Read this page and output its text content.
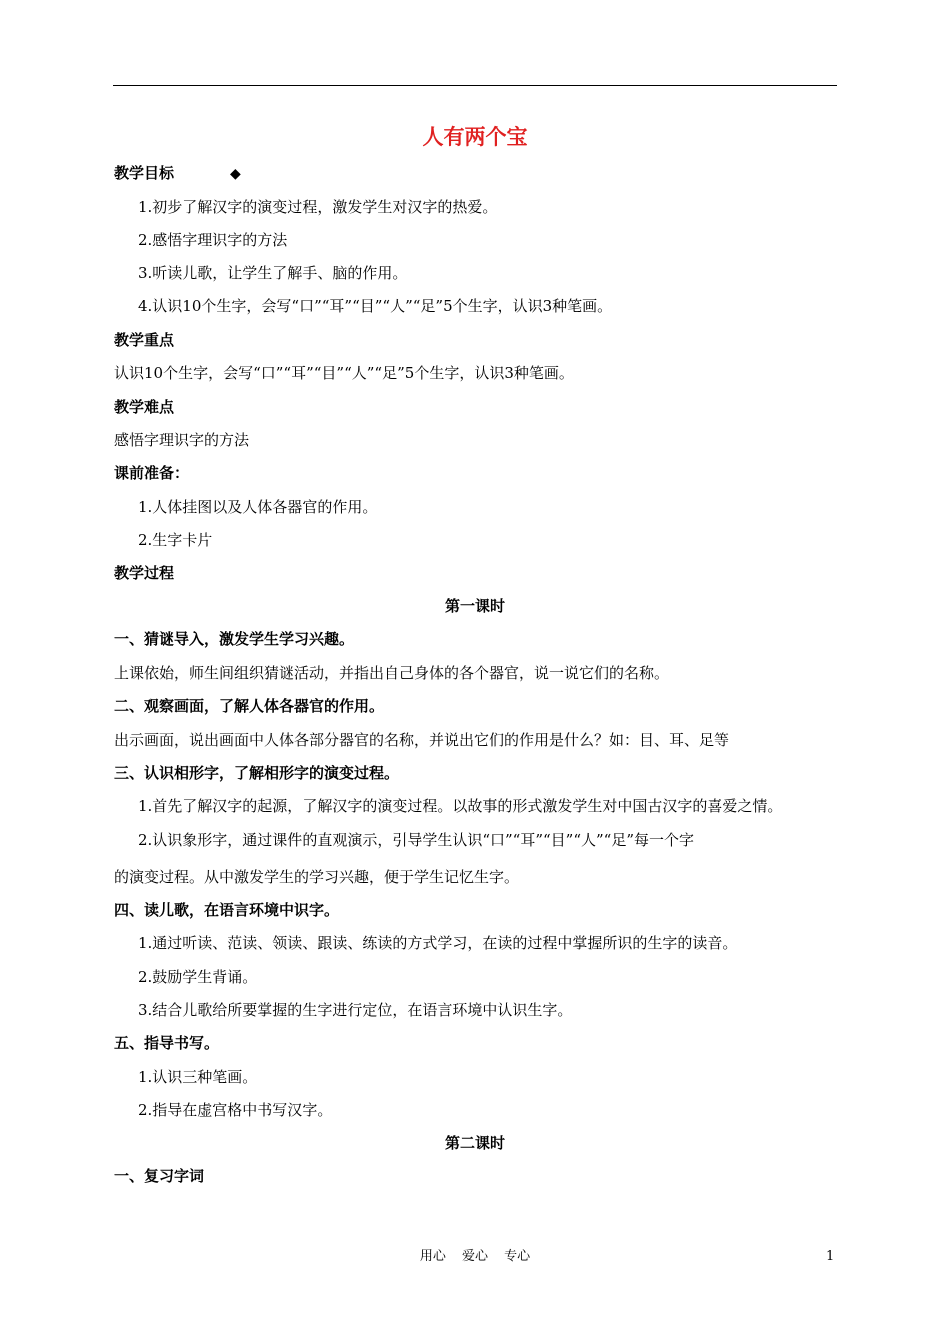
人有两个宝
教学目标	◆
1.初步了解汉字的演变过程，激发学生对汉字的热爱。
2.感悟字理识字的方法
3.听读儿歌，让学生了解手、脑的作用。
4.认识10个生字，会写“口”“耳”“目”“人”“足”5个生字，认识3种笔画。
教学重点
认识10个生字，会写“口”“耳”“目”“人”“足”5个生字，认识3种笔画。
教学难点
感悟字理识字的方法
课前准备：
1.人体挂图以及人体各器官的作用。
2.生字卡片
教学过程
第一课时
一、猜谜导入，激发学生学习兴趣。
上课依始，师生间组织猜谜活动，并指出自己身体的各个器官，说一说它们的名称。
二、观察画面，了解人体各器官的作用。
出示画面，说出画面中人体各部分器官的名称，并说出它们的作用是什么？如：目、耳、足等
三、认识相形字，了解相形字的演变过程。
1.首先了解汉字的起源，了解汉字的演变过程。以故事的形式激发学生对中国古汉字的喜爱之情。
2.认识象形字，通过课件的直观演示，引导学生认识“口”“耳”“目”“人”“足”每一个字
的演变过程。从中激发学生的学习兴趣，便于学生记忆生字。
四、读儿歌，在语言环境中识字。
1.通过听读、范读、领读、跟读、练读的方式学习，在读的过程中掌握所识的生字的读音。
2.鼓励学生背诵。
3.结合儿歌给所要掌握的生字进行定位，在语言环境中认识生字。
五、指导书写。
1.认识三种笔画。
2.指导在虚宫格中书写汉字。
第二课时
一、复习字词
用心 爱心 专心	1
